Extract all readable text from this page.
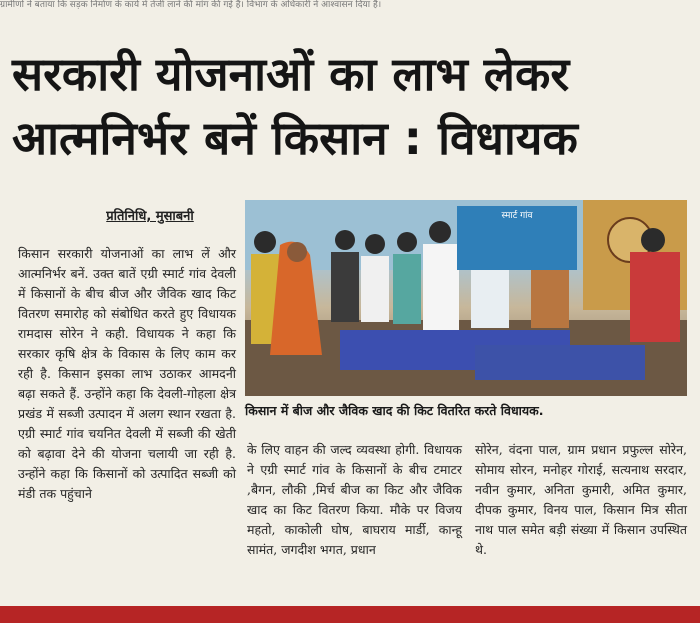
ग्रामीणों ने बताया कि सड़क निर्माण के कार्य में तेजी लाने की मांग की गई है। विभाग के अधिकारी ने आश्वासन दिया है।
सरकारी योजनाओं का लाभ लेकर
आत्मनिर्भर बनें किसान : विधायक
प्रतिनिधि, मुसाबनी

किसान सरकारी योजनाओं का लाभ लें और आत्मनिर्भर बनें. उक्त बातें एग्री स्मार्ट गांव देवली में किसानों के बीच बीज और जैविक खाद किट वितरण समारोह को संबोधित करते हुए विधायक रामदास सोरेन ने कही. विधायक ने कहा कि सरकार कृषि क्षेत्र के विकास के लिए काम कर रही है. किसान इसका लाभ उठाकर आमदनी बढ़ा सकते हैं. उन्होंने कहा कि देवली-गोहला क्षेत्र प्रखंड में सब्जी उत्पादन में अलग स्थान रखता है. एग्री स्मार्ट गांव चयनित देवली में सब्जी की खेती को बढ़ावा देने की योजना चलायी जा रही है. उन्होंने कहा कि किसानों को उत्पादित सब्जी को मंडी तक पहुंचाने

स्मार्ट गांव
किसान में बीज और जैविक खाद की किट वितरित करते विधायक.

के लिए वाहन की जल्द व्यवस्था होगी. विधायक ने एग्री स्मार्ट गांव के किसानों के बीच टमाटर ,बैगन, लौकी ,मिर्च बीज का किट और जैविक खाद का किट वितरण किया. मौके पर विजय महतो, काकोली घोष, बाघराय मार्डी, कान्हू सामंत, जगदीश भगत, प्रधान

सोरेन, वंदना पाल, ग्राम प्रधान प्रफुल्ल सोरेन, सोमाय सोरन, मनोहर गोराई, सत्यनाथ सरदार, नवीन कुमार, अनिता कुमारी, अमित कुमार, दीपक कुमार, विनय पाल, किसान मित्र सीता नाथ पाल समेत बड़ी संख्या में किसान उपस्थित थे.
